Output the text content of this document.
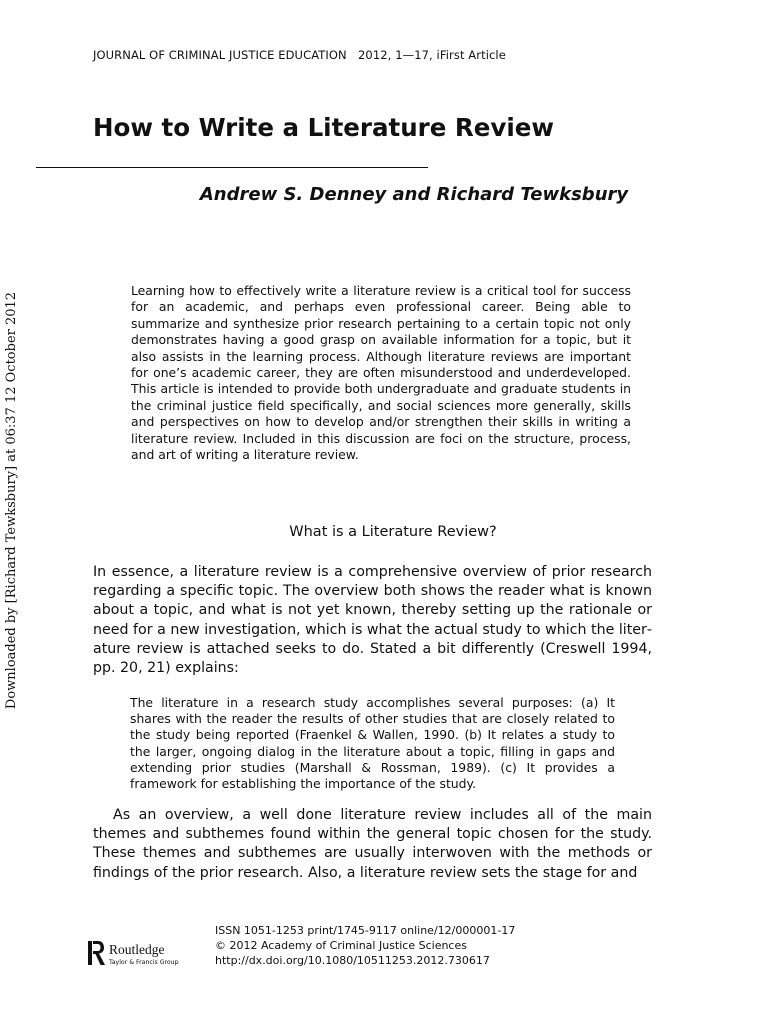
Downloaded by [Richard Tewksbury] at 06:37 12 October 2012
JOURNAL OF CRIMINAL JUSTICE EDUCATION   2012, 1—17, iFirst Article
How to Write a Literature Review

Andrew S. Denney and Richard Tewksbury

Learning how to effectively write a literature review is a critical tool for success for an academic, and perhaps even professional career. Being able to summarize and synthesize prior research pertaining to a certain topic not only demonstrates having a good grasp on available information for a topic, but it also assists in the learning process. Although literature reviews are important for one’s academic career, they are often misunderstood and underdeveloped. This article is intended to provide both undergraduate and graduate students in the criminal justice field specifically, and social sciences more generally, skills and perspectives on how to develop and/or strengthen their skills in writing a literature review. Included in this discussion are foci on the structure, process, and art of writing a literature review.

What is a Literature Review?

In essence, a literature review is a comprehensive overview of prior research regarding a specific topic. The overview both shows the reader what is known about a topic, and what is not yet known, thereby setting up the rationale or need for a new investigation, which is what the actual study to which the literature review is attached seeks to do. Stated a bit differently (Creswell 1994, pp. 20, 21) explains:

The literature in a research study accomplishes several purposes: (a) It shares with the reader the results of other studies that are closely related to the study being reported (Fraenkel & Wallen, 1990. (b) It relates a study to the larger, ongoing dialog in the literature about a topic, filling in gaps and extending prior studies (Marshall & Rossman, 1989). (c) It provides a framework for establishing the importance of the study.

As an overview, a well done literature review includes all of the main themes and subthemes found within the general topic chosen for the study. These themes and subthemes are usually interwoven with the methods or findings of the prior research. Also, a literature review sets the stage for and

Routledge
Taylor & Francis Group
ISSN 1051-1253 print/1745-9117 online/12/000001-17
© 2012 Academy of Criminal Justice Sciences
http://dx.doi.org/10.1080/10511253.2012.730617
